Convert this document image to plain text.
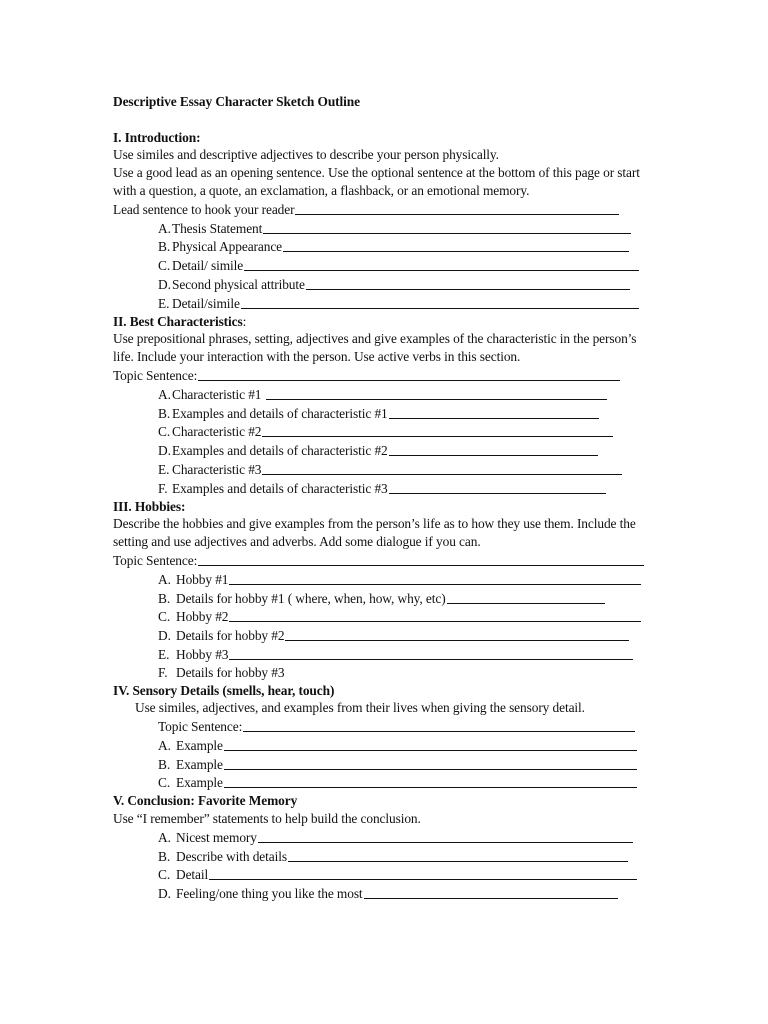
Descriptive Essay Character Sketch Outline
I. Introduction:

Use similes and descriptive adjectives to describe your person physically.

Use a good lead as an opening sentence. Use the optional sentence at the bottom of this page or start with a question, a quote, an exclamation, a flashback, or an emotional memory.

Lead sentence to hook your reader
A. Thesis Statement
B. Physical Appearance
C. Detail/ simile
D. Second physical attribute
E. Detail/simile
II. Best Characteristics:

Use prepositional phrases, setting, adjectives and give examples of the characteristic in the person’s life. Include your interaction with the person. Use active verbs in this section.

Topic Sentence:
A. Characteristic #1
B. Examples and details of characteristic #1
C. Characteristic #2
D. Examples and details of characteristic #2
E. Characteristic #3
F. Examples and details of characteristic #3
III. Hobbies:

Describe the hobbies and give examples from the person’s life as to how they use them. Include the setting and use adjectives and adverbs. Add some dialogue if you can.

Topic Sentence:
A. Hobby #1
B. Details for hobby #1 ( where, when, how, why, etc)
C. Hobby #2
D. Details for hobby #2
E. Hobby #3
F. Details for hobby #3
IV. Sensory Details (smells, hear, touch)

Use similes, adjectives, and examples from their lives when giving the sensory detail.

Topic Sentence:
A. Example
B. Example
C. Example
V. Conclusion: Favorite Memory

Use “I remember” statements to help build the conclusion.

A. Nicest memory
B. Describe with details
C. Detail
D. Feeling/one thing you like the most
